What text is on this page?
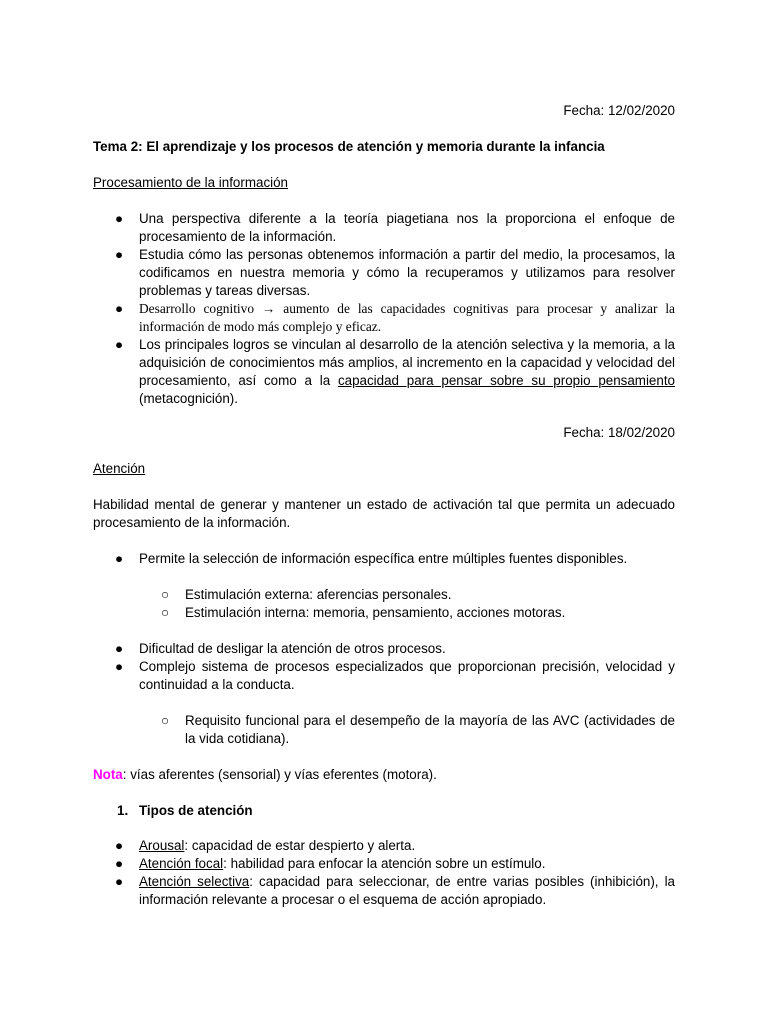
Fecha: 12/02/2020

Tema 2: El aprendizaje y los procesos de atención y memoria durante la infancia

Procesamiento de la información

● Una perspectiva diferente a la teoría piagetiana nos la proporciona el enfoque de procesamiento de la información.
● Estudia cómo las personas obtenemos información a partir del medio, la procesamos, la codificamos en nuestra memoria y cómo la recuperamos y utilizamos para resolver problemas y tareas diversas.
● Desarrollo cognitivo → aumento de las capacidades cognitivas para procesar y analizar la información de modo más complejo y eficaz.
● Los principales logros se vinculan al desarrollo de la atención selectiva y la memoria, a la adquisición de conocimientos más amplios, al incremento en la capacidad y velocidad del procesamiento, así como a la capacidad para pensar sobre su propio pensamiento (metacognición).

Fecha: 18/02/2020

Atención

Habilidad mental de generar y mantener un estado de activación tal que permita un adecuado procesamiento de la información.

● Permite la selección de información específica entre múltiples fuentes disponibles.
○ Estimulación externa: aferencias personales.
○ Estimulación interna: memoria, pensamiento, acciones motoras.
● Dificultad de desligar la atención de otros procesos.
● Complejo sistema de procesos especializados que proporcionan precisión, velocidad y continuidad a la conducta.
○ Requisito funcional para el desempeño de la mayoría de las AVC (actividades de la vida cotidiana).

Nota: vías aferentes (sensorial) y vías eferentes (motora).

1. Tipos de atención

● Arousal: capacidad de estar despierto y alerta.
● Atención focal: habilidad para enfocar la atención sobre un estímulo.
● Atención selectiva: capacidad para seleccionar, de entre varias posibles (inhibición), la información relevante a procesar o el esquema de acción apropiado.
